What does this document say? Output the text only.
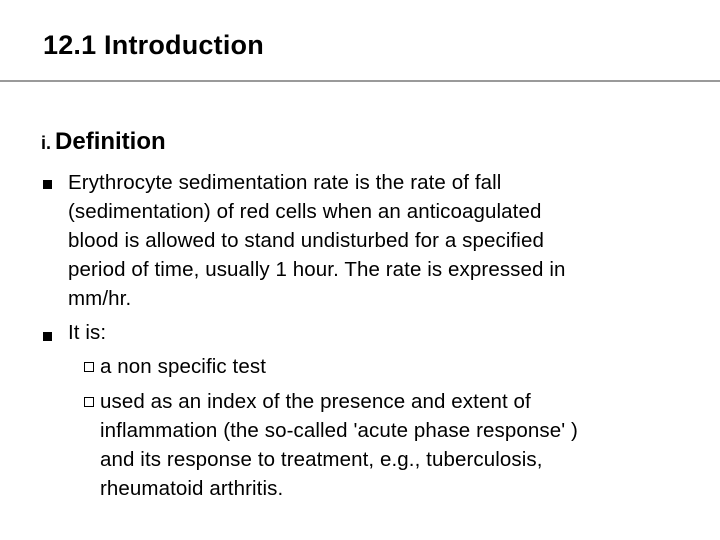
12.1 Introduction
i. Definition
Erythrocyte sedimentation rate is the rate of fall
(sedimentation) of red cells when an anticoagulated
blood is allowed to stand undisturbed for a specified
period of time, usually 1 hour. The rate is expressed in
mm/hr.
It is:
a non specific test
used as an index of the presence and extent of
inflammation (the so-called 'acute phase response' )
and its response to treatment, e.g., tuberculosis,
rheumatoid arthritis.
